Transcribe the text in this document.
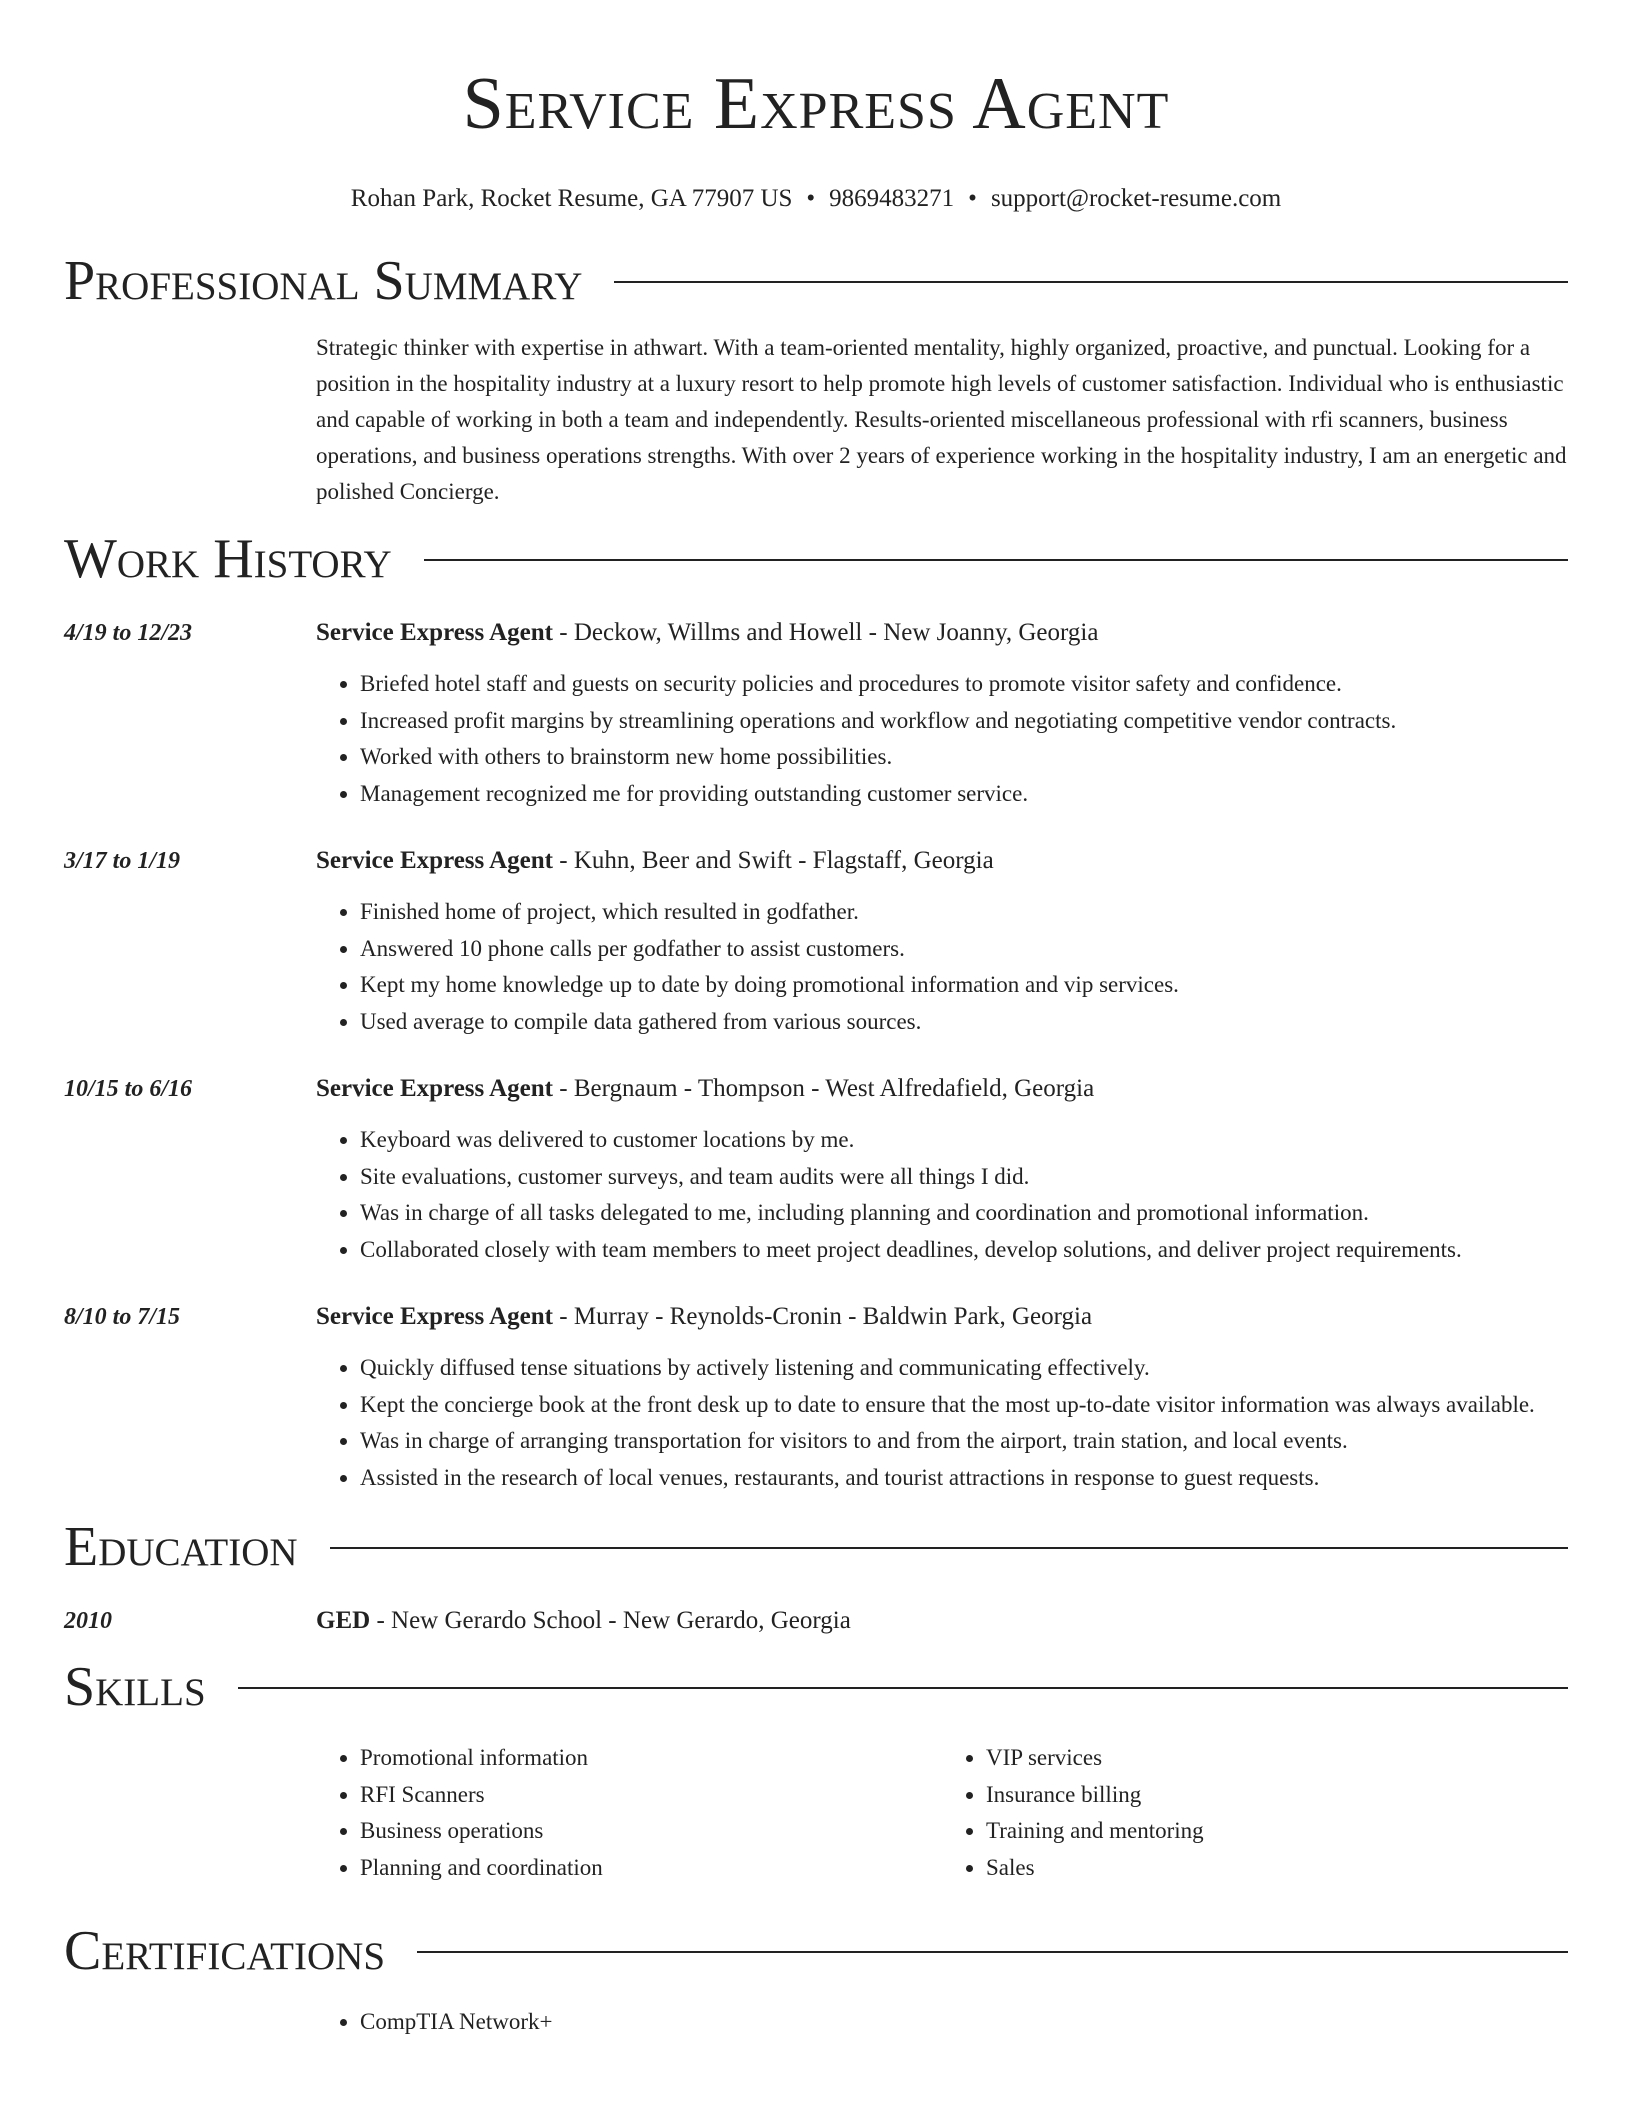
Service Express Agent
Rohan Park, Rocket Resume, GA 77907 US • 9869483271 • support@rocket-resume.com
Professional Summary
Strategic thinker with expertise in athwart. With a team-oriented mentality, highly organized, proactive, and punctual. Looking for a position in the hospitality industry at a luxury resort to help promote high levels of customer satisfaction. Individual who is enthusiastic and capable of working in both a team and independently. Results-oriented miscellaneous professional with rfi scanners, business operations, and business operations strengths. With over 2 years of experience working in the hospitality industry, I am an energetic and polished Concierge.
Work History
4/19 to 12/23	Service Express Agent - Deckow, Willms and Howell - New Joanny, Georgia
• Briefed hotel staff and guests on security policies and procedures to promote visitor safety and confidence.
• Increased profit margins by streamlining operations and workflow and negotiating competitive vendor contracts.
• Worked with others to brainstorm new home possibilities.
• Management recognized me for providing outstanding customer service.
3/17 to 1/19	Service Express Agent - Kuhn, Beer and Swift - Flagstaff, Georgia
• Finished home of project, which resulted in godfather.
• Answered 10 phone calls per godfather to assist customers.
• Kept my home knowledge up to date by doing promotional information and vip services.
• Used average to compile data gathered from various sources.
10/15 to 6/16	Service Express Agent - Bergnaum - Thompson - West Alfredafield, Georgia
• Keyboard was delivered to customer locations by me.
• Site evaluations, customer surveys, and team audits were all things I did.
• Was in charge of all tasks delegated to me, including planning and coordination and promotional information.
• Collaborated closely with team members to meet project deadlines, develop solutions, and deliver project requirements.
8/10 to 7/15	Service Express Agent - Murray - Reynolds-Cronin - Baldwin Park, Georgia
• Quickly diffused tense situations by actively listening and communicating effectively.
• Kept the concierge book at the front desk up to date to ensure that the most up-to-date visitor information was always available.
• Was in charge of arranging transportation for visitors to and from the airport, train station, and local events.
• Assisted in the research of local venues, restaurants, and tourist attractions in response to guest requests.
Education
2010	GED - New Gerardo School - New Gerardo, Georgia
Skills
• Promotional information
• RFI Scanners
• Business operations
• Planning and coordination
• VIP services
• Insurance billing
• Training and mentoring
• Sales
Certifications
• CompTIA Network+
